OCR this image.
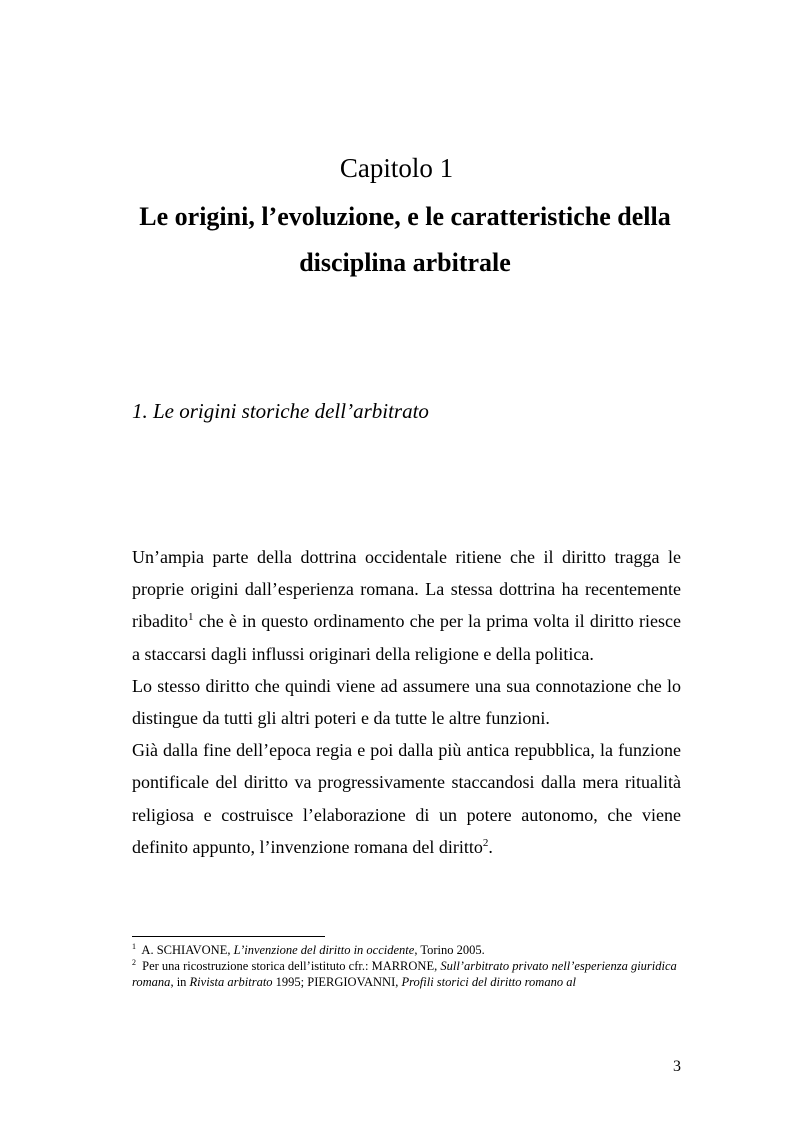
Capitolo 1
Le origini, l’evoluzione, e le caratteristiche della disciplina arbitrale
1. Le origini storiche dell’arbitrato

Un’ampia parte della dottrina occidentale ritiene che il diritto tragga le proprie origini dall’esperienza romana. La stessa dottrina ha recentemente ribadito$^1$ che è in questo ordinamento che per la prima volta il diritto riesce a staccarsi dagli influssi originari della religione e della politica.

Lo stesso diritto che quindi viene ad assumere una sua connotazione che lo distingue da tutti gli altri poteri e da tutte le altre funzioni.

Già dalla fine dell’epoca regia e poi dalla più antica repubblica, la funzione pontificale del diritto va progressivamente staccandosi dalla mera ritualità religiosa e costruisce l’elaborazione di un potere autonomo, che viene definito appunto, l’invenzione romana del diritto$^2$.

$^1$ A. SCHIAVONE, L’invenzione del diritto in occidente, Torino 2005.

$^2$ Per una ricostruzione storica dell’istituto cfr.: MARRONE, Sull’arbitrato privato nell’esperienza giuridica romana, in Rivista arbitrato 1995; PIERGIOVANNI, Profili storici del diritto romano al

3
